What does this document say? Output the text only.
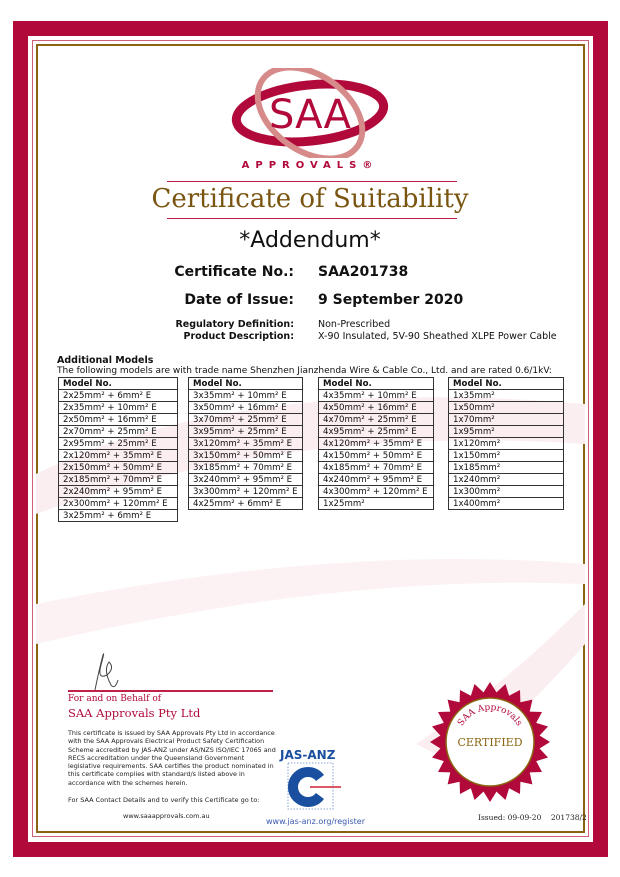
SAA
APPROVALS®
Certificate of Suitability
*Addendum*
Certificate No.: SAA201738
Date of Issue: 9 September 2020
Regulatory Definition:	Non-Prescribed
Product Description:	X-90 Insulated, 5V-90 Sheathed XLPE Power Cable
Additional Models
The following models are with trade name Shenzhen Jianzhenda Wire & Cable Co., Ltd. and are rated 0.6/1kV:
Model No.
2x25mm² + 6mm² E
2x35mm² + 10mm² E
2x50mm² + 16mm² E
2x70mm² + 25mm² E
2x95mm² + 25mm² E
2x120mm² + 35mm² E
2x150mm² + 50mm² E
2x185mm² + 70mm² E
2x240mm² + 95mm² E
2x300mm² + 120mm² E
3x25mm² + 6mm² E
Model No.
3x35mm² + 10mm² E
3x50mm² + 16mm² E
3x70mm² + 25mm² E
3x95mm² + 25mm² E
3x120mm² + 35mm² E
3x150mm² + 50mm² E
3x185mm² + 70mm² E
3x240mm² + 95mm² E
3x300mm² + 120mm² E
4x25mm² + 6mm² E
Model No.
4x35mm² + 10mm² E
4x50mm² + 16mm² E
4x70mm² + 25mm² E
4x95mm² + 25mm² E
4x120mm² + 35mm² E
4x150mm² + 50mm² E
4x185mm² + 70mm² E
4x240mm² + 95mm² E
4x300mm² + 120mm² E
1x25mm²
Model No.
1x35mm²
1x50mm²
1x70mm²
1x95mm²
1x120mm²
1x150mm²
1x185mm²
1x240mm²
1x300mm²
1x400mm²
For and on Behalf of
SAA Approvals Pty Ltd
This certificate is issued by SAA Approvals Pty Ltd in accordance with the SAA Approvals Electrical Product Safety Certification Scheme accredited by JAS-ANZ under AS/NZS ISO/IEC 17065 and RECS accreditation under the Queensland Government legislative requirements. SAA certifies the product nominated in this certificate complies with standard/s listed above in accordance with the schemes herein.
For SAA Contact Details and to verify this Certificate go to:
www.saaapprovals.com.au
JAS-ANZ
www.jas-anz.org/register
SAA Approvals
CERTIFIED
Issued: 09-09-20 201738/2
